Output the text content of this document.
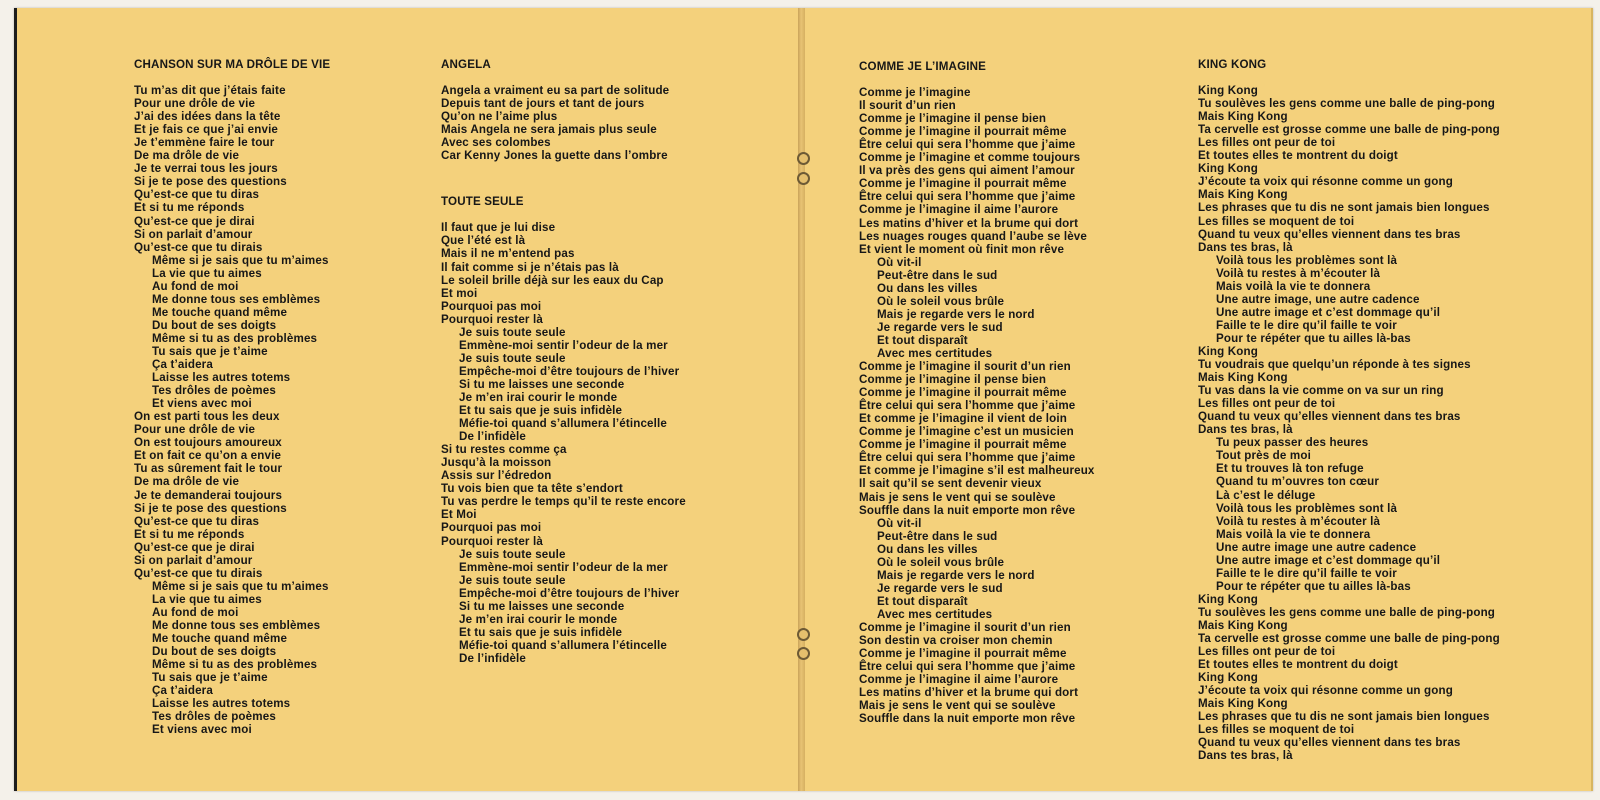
CHANSON SUR MA DRÔLE DE VIE
Tu m’as dit que j’étais faite
Pour une drôle de vie
J’ai des idées dans la tête
Et je fais ce que j’ai envie
Je t’emmène faire le tour
De ma drôle de vie
Je te verrai tous les jours
Si je te pose des questions
Qu’est-ce que tu diras
Et si tu me réponds
Qu’est-ce que je dirai
Si on parlait d’amour
Qu’est-ce que tu dirais
Même si je sais que tu m’aimes
La vie que tu aimes
Au fond de moi
Me donne tous ses emblèmes
Me touche quand même
Du bout de ses doigts
Même si tu as des problèmes
Tu sais que je t’aime
Ça t’aidera
Laisse les autres totems
Tes drôles de poèmes
Et viens avec moi
On est parti tous les deux
Pour une drôle de vie
On est toujours amoureux
Et on fait ce qu’on a envie
Tu as sûrement fait le tour
De ma drôle de vie
Je te demanderai toujours
Si je te pose des questions
Qu’est-ce que tu diras
Et si tu me réponds
Qu’est-ce que je dirai
Si on parlait d’amour
Qu’est-ce que tu dirais
Même si je sais que tu m’aimes
La vie que tu aimes
Au fond de moi
Me donne tous ses emblèmes
Me touche quand même
Du bout de ses doigts
Même si tu as des problèmes
Tu sais que je t’aime
Ça t’aidera
Laisse les autres totems
Tes drôles de poèmes
Et viens avec moi
ANGELA
Angela a vraiment eu sa part de solitude
Depuis tant de jours et tant de jours
Qu’on ne l’aime plus
Mais Angela ne sera jamais plus seule
Avec ses colombes
Car Kenny Jones la guette dans l’ombre
TOUTE SEULE
Il faut que je lui dise
Que l’été est là
Mais il ne m’entend pas
Il fait comme si je n’étais pas là
Le soleil brille déjà sur les eaux du Cap
Et moi
Pourquoi pas moi
Pourquoi rester là
Je suis toute seule
Emmène-moi sentir l’odeur de la mer
Je suis toute seule
Empêche-moi d’être toujours de l’hiver
Si tu me laisses une seconde
Je m’en irai courir le monde
Et tu sais que je suis infidèle
Méfie-toi quand s’allumera l’étincelle
De l’infidèle
Si tu restes comme ça
Jusqu’à la moisson
Assis sur l’édredon
Tu vois bien que ta tête s’endort
Tu vas perdre le temps qu’il te reste encore
Et Moi
Pourquoi pas moi
Pourquoi rester là
Je suis toute seule
Emmène-moi sentir l’odeur de la mer
Je suis toute seule
Empêche-moi d’être toujours de l’hiver
Si tu me laisses une seconde
Je m’en irai courir le monde
Et tu sais que je suis infidèle
Méfie-toi quand s’allumera l’étincelle
De l’infidèle
COMME JE L’IMAGINE
Comme je l’imagine
Il sourit d’un rien
Comme je l’imagine il pense bien
Comme je l’imagine il pourrait même
Être celui qui sera l’homme que j’aime
Comme je l’imagine et comme toujours
Il va près des gens qui aiment l’amour
Comme je l’imagine il pourrait même
Être celui qui sera l’homme que j’aime
Comme je l’imagine il aime l’aurore
Les matins d’hiver et la brume qui dort
Les nuages rouges quand l’aube se lève
Et vient le moment où finit mon rêve
Où vit-il
Peut-être dans le sud
Ou dans les villes
Où le soleil vous brûle
Mais je regarde vers le nord
Je regarde vers le sud
Et tout disparaît
Avec mes certitudes
Comme je l’imagine il sourit d’un rien
Comme je l’imagine il pense bien
Comme je l’imagine il pourrait même
Être celui qui sera l’homme que j’aime
Et comme je l’imagine il vient de loin
Comme je l’imagine c’est un musicien
Comme je l’imagine il pourrait même
Être celui qui sera l’homme que j’aime
Et comme je l’imagine s’il est malheureux
Il sait qu’il se sent devenir vieux
Mais je sens le vent qui se soulève
Souffle dans la nuit emporte mon rêve
Où vit-il
Peut-être dans le sud
Ou dans les villes
Où le soleil vous brûle
Mais je regarde vers le nord
Je regarde vers le sud
Et tout disparaît
Avec mes certitudes
Comme je l’imagine il sourit d’un rien
Son destin va croiser mon chemin
Comme je l’imagine il pourrait même
Être celui qui sera l’homme que j’aime
Comme je l’imagine il aime l’aurore
Les matins d’hiver et la brume qui dort
Mais je sens le vent qui se soulève
Souffle dans la nuit emporte mon rêve
KING KONG
King Kong
Tu soulèves les gens comme une balle de ping-pong
Mais King Kong
Ta cervelle est grosse comme une balle de ping-pong
Les filles ont peur de toi
Et toutes elles te montrent du doigt
King Kong
J’écoute ta voix qui résonne comme un gong
Mais King Kong
Les phrases que tu dis ne sont jamais bien longues
Les filles se moquent de toi
Quand tu veux qu’elles viennent dans tes bras
Dans tes bras, là
Voilà tous les problèmes sont là
Voilà tu restes à m’écouter là
Mais voilà la vie te donnera
Une autre image, une autre cadence
Une autre image et c’est dommage qu’il
Faille te le dire qu’il faille te voir
Pour te répéter que tu ailles là-bas
King Kong
Tu voudrais que quelqu’un réponde à tes signes
Mais King Kong
Tu vas dans la vie comme on va sur un ring
Les filles ont peur de toi
Quand tu veux qu’elles viennent dans tes bras
Dans tes bras, là
Tu peux passer des heures
Tout près de moi
Et tu trouves là ton refuge
Quand tu m’ouvres ton cœur
Là c’est le déluge
Voilà tous les problèmes sont là
Voilà tu restes à m’écouter là
Mais voilà la vie te donnera
Une autre image une autre cadence
Une autre image et c’est dommage qu’il
Faille te le dire qu’il faille te voir
Pour te répéter que tu ailles là-bas
King Kong
Tu soulèves les gens comme une balle de ping-pong
Mais King Kong
Ta cervelle est grosse comme une balle de ping-pong
Les filles ont peur de toi
Et toutes elles te montrent du doigt
King Kong
J’écoute ta voix qui résonne comme un gong
Mais King Kong
Les phrases que tu dis ne sont jamais bien longues
Les filles se moquent de toi
Quand tu veux qu’elles viennent dans tes bras
Dans tes bras, là
